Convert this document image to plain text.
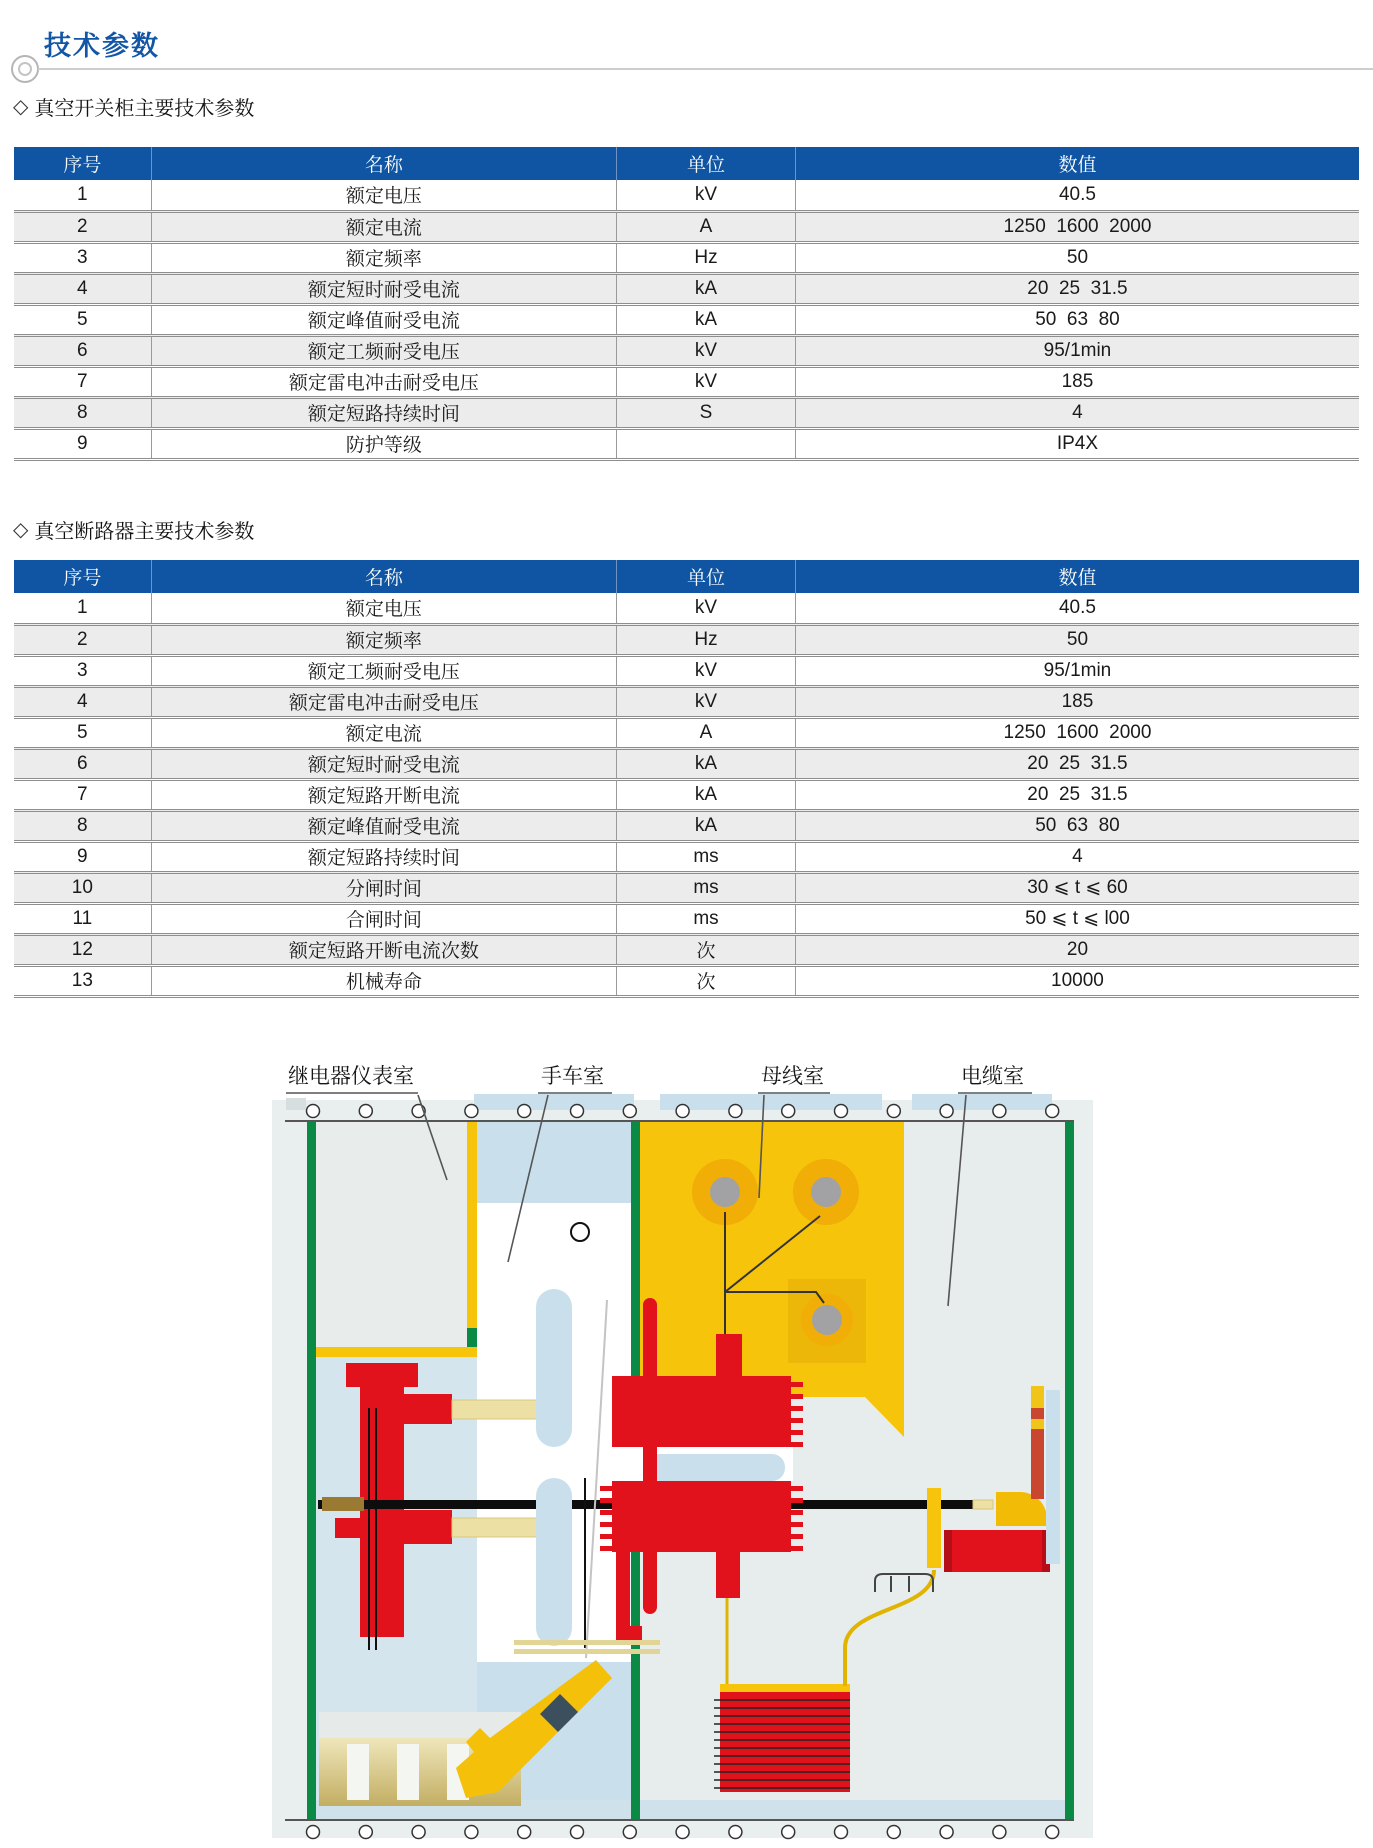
技术参数
◇ 真空开关柜主要技术参数
序号	名称	单位	数值
1	额定电压	kV	40.5
2	额定电流	A	1250  1600  2000
3	额定频率	Hz	50
4	额定短时耐受电流	kA	20  25  31.5
5	额定峰值耐受电流	kA	50  63  80
6	额定工频耐受电压	kV	95/1min
7	额定雷电冲击耐受电压	kV	185
8	额定短路持续时间	S	4
9	防护等级		IP4X
◇ 真空断路器主要技术参数
序号	名称	单位	数值
1	额定电压	kV	40.5
2	额定频率	Hz	50
3	额定工频耐受电压	kV	95/1min
4	额定雷电冲击耐受电压	kV	185
5	额定电流	A	1250  1600  2000
6	额定短时耐受电流	kA	20  25  31.5
7	额定短路开断电流	kA	20  25  31.5
8	额定峰值耐受电流	kA	50  63  80
9	额定短路持续时间	ms	4
10	分闸时间	ms	30 ⩽ t ⩽ 60
11	合闸时间	ms	50 ⩽ t ⩽ l00
12	额定短路开断电流次数	次	20
13	机械寿命	次	10000
继电器仪表室	手车室	母线室	电缆室
